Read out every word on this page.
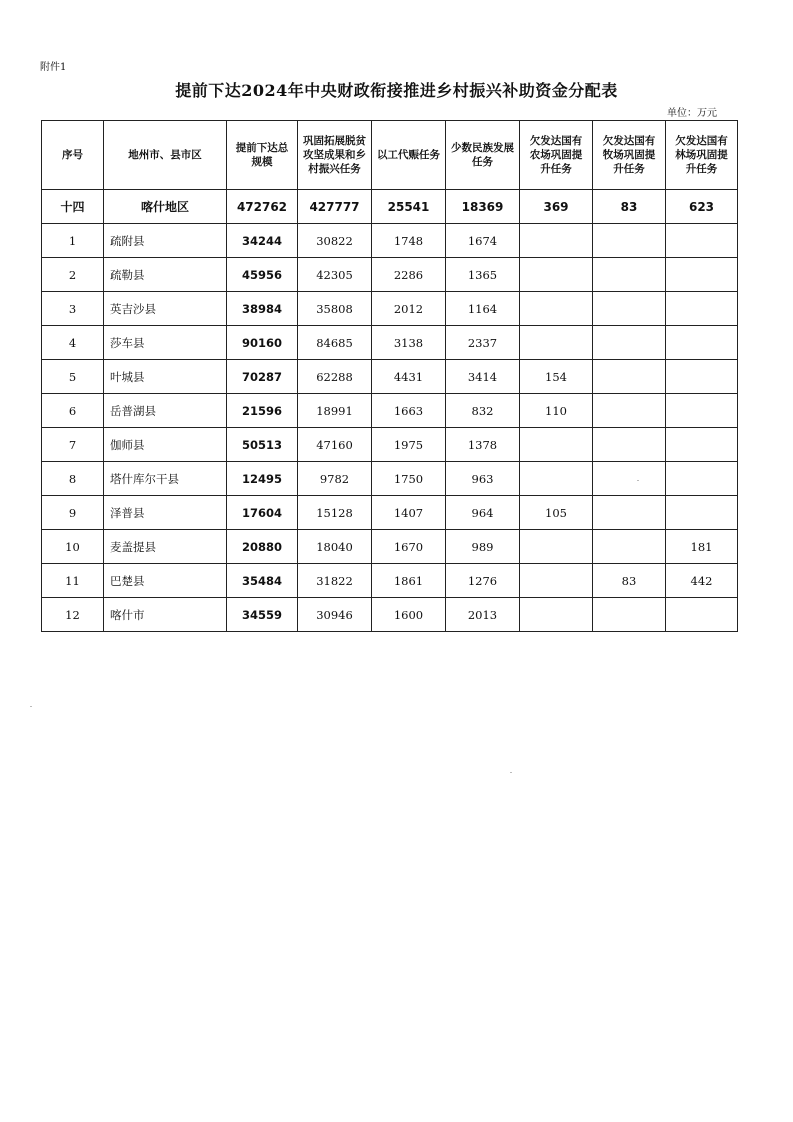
附件1
提前下达2024年中央财政衔接推进乡村振兴补助资金分配表
单位：万元
序号	地州市、县市区	提前下达总规模	巩固拓展脱贫攻坚成果和乡村振兴任务	以工代赈任务	少数民族发展任务	欠发达国有农场巩固提升任务	欠发达国有牧场巩固提升任务	欠发达国有林场巩固提升任务
十四	喀什地区	472762	427777	25541	18369	369	83	623
1	疏附县	34244	30822	1748	1674			
2	疏勒县	45956	42305	2286	1365			
3	英吉沙县	38984	35808	2012	1164			
4	莎车县	90160	84685	3138	2337			
5	叶城县	70287	62288	4431	3414	154		
6	岳普湖县	21596	18991	1663	832	110		
7	伽师县	50513	47160	1975	1378			
8	塔什库尔干县	12495	9782	1750	963			
9	泽普县	17604	15128	1407	964	105		
10	麦盖提县	20880	18040	1670	989			181
11	巴楚县	35484	31822	1861	1276		83	442
12	喀什市	34559	30946	1600	2013			
